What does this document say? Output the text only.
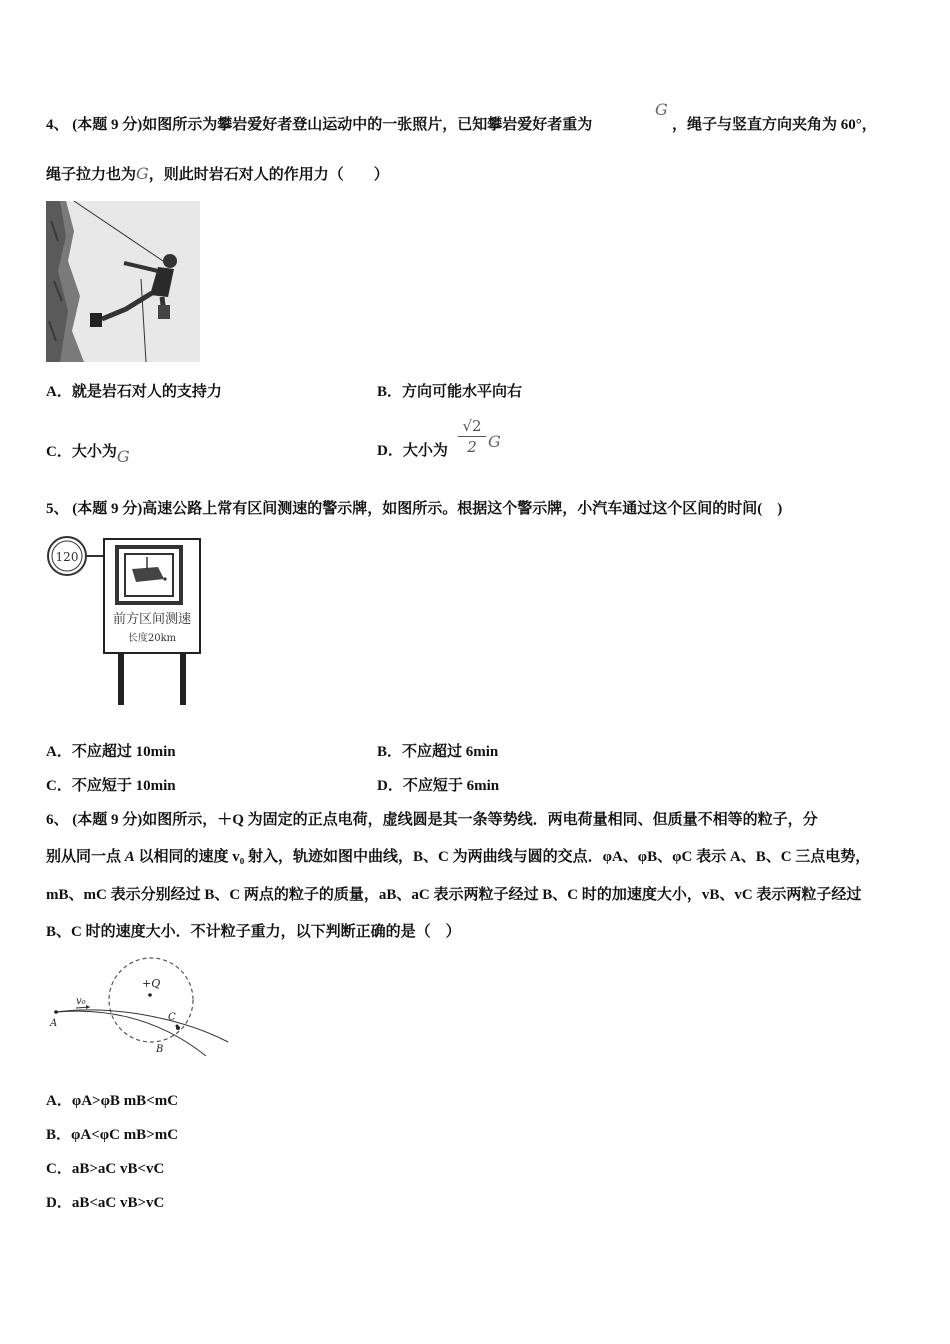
4、 (本题 9 分)如图所示为攀岩爱好者登山运动中的一张照片，已知攀岩爱好者重为
G
，绳子与竖直方向夹角为 60°，
绳子拉力也为G，则此时岩石对人的作用力（　　）
A．就是岩石对人的支持力	B．方向可能水平向右
C．大小为G	D．大小为 $\frac{√2}{2}$ G
5、 (本题 9 分)高速公路上常有区间测速的警示牌，如图所示。根据这个警示牌，小汽车通过这个区间的时间(　)
120
前方区间测速
长度20km
A．不应超过 10min	B．不应超过 6min
C．不应短于 10min	D．不应短于 6min
6、 (本题 9 分)如图所示，＋Q 为固定的正点电荷，虚线圆是其一条等势线．两电荷量相同、但质量不相等的粒子，分
别从同一点 A 以相同的速度 v₀ 射入，轨迹如图中曲线，B、C 为两曲线与圆的交点．φA、φB、φC 表示 A、B、C 三点电势，
mB、mC 表示分别经过 B、C 两点的粒子的质量，aB、aC 表示两粒子经过 B、C 时的加速度大小，vB、vC 表示两粒子经过
B、C 时的速度大小．不计粒子重力，以下判断正确的是（　）
+Q
v₀
A
B
C
A．φA>φB mB<mC
B．φA<φC mB>mC
C．aB>aC vB<vC
D．aB<aC vB>vC
